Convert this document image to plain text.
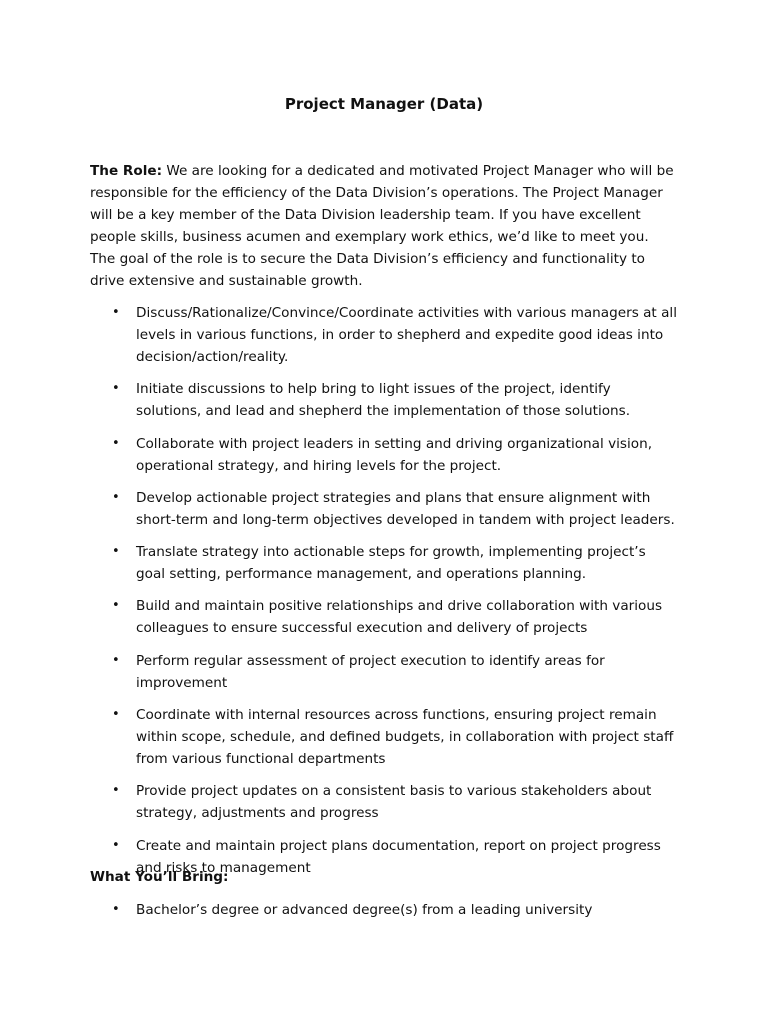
Project Manager (Data)

The Role: We are looking for a dedicated and motivated Project Manager who will be responsible for the efficiency of the Data Division’s operations. The Project Manager will be a key member of the Data Division leadership team. If you have excellent people skills, business acumen and exemplary work ethics, we’d like to meet you. The goal of the role is to secure the Data Division’s efficiency and functionality to drive extensive and sustainable growth.

• Discuss/Rationalize/Convince/Coordinate activities with various managers at all levels in various functions, in order to shepherd and expedite good ideas into decision/action/reality.
• Initiate discussions to help bring to light issues of the project, identify solutions, and lead and shepherd the implementation of those solutions.
• Collaborate with project leaders in setting and driving organizational vision, operational strategy, and hiring levels for the project.
• Develop actionable project strategies and plans that ensure alignment with short-term and long-term objectives developed in tandem with project leaders.
• Translate strategy into actionable steps for growth, implementing project’s goal setting, performance management, and operations planning.
• Build and maintain positive relationships and drive collaboration with various colleagues to ensure successful execution and delivery of projects
• Perform regular assessment of project execution to identify areas for improvement
• Coordinate with internal resources across functions, ensuring project remain within scope, schedule, and defined budgets, in collaboration with project staff from various functional departments
• Provide project updates on a consistent basis to various stakeholders about strategy, adjustments and progress
• Create and maintain project plans documentation, report on project progress and risks to management
What You’ll Bring:
• Bachelor’s degree or advanced degree(s) from a leading university
